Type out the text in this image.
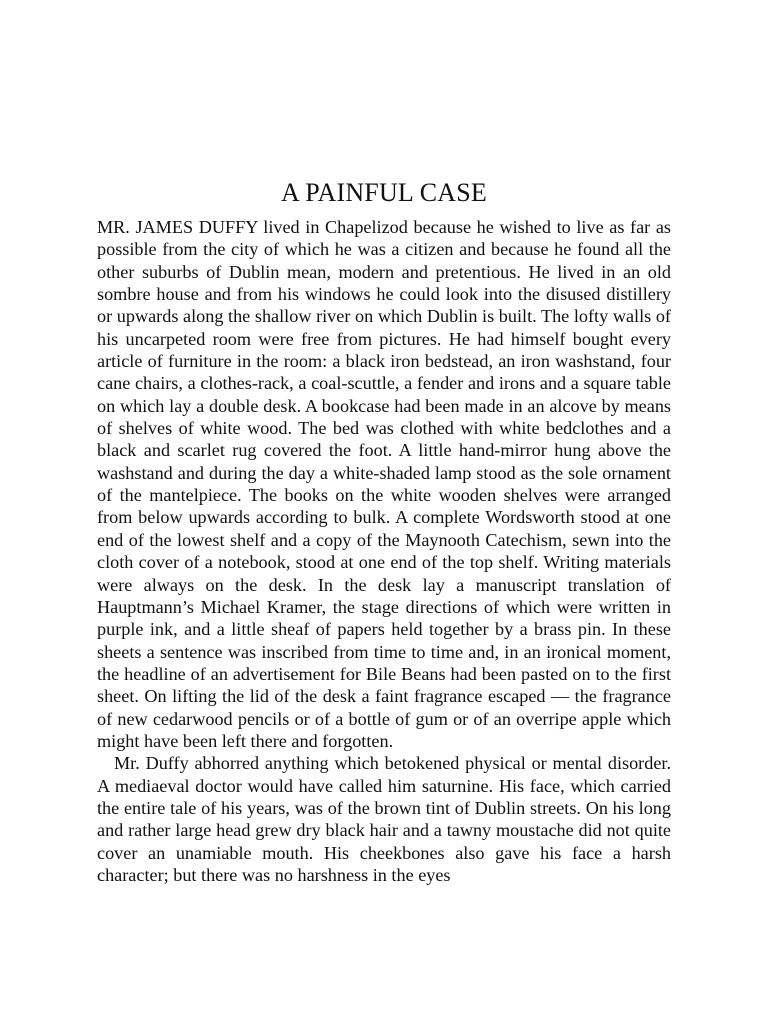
A PAINFUL CASE

MR. JAMES DUFFY lived in Chapelizod because he wished to live as far as possible from the city of which he was a citizen and because he found all the other suburbs of Dublin mean, modern and pretentious. He lived in an old sombre house and from his windows he could look into the disused distillery or upwards along the shallow river on which Dublin is built. The lofty walls of his uncarpeted room were free from pictures. He had himself bought every article of furniture in the room: a black iron bedstead, an iron washstand, four cane chairs, a clothes-rack, a coal-scuttle, a fender and irons and a square table on which lay a double desk. A bookcase had been made in an alcove by means of shelves of white wood. The bed was clothed with white bedclothes and a black and scarlet rug covered the foot. A little hand-mirror hung above the washstand and during the day a white-shaded lamp stood as the sole ornament of the mantelpiece. The books on the white wooden shelves were arranged from below upwards according to bulk. A complete Wordsworth stood at one end of the lowest shelf and a copy of the Maynooth Catechism, sewn into the cloth cover of a notebook, stood at one end of the top shelf. Writing materials were always on the desk. In the desk lay a manuscript translation of Hauptmann’s Michael Kramer, the stage directions of which were written in purple ink, and a little sheaf of papers held together by a brass pin. In these sheets a sentence was inscribed from time to time and, in an ironical moment, the headline of an advertisement for Bile Beans had been pasted on to the first sheet. On lifting the lid of the desk a faint fragrance escaped — the fragrance of new cedarwood pencils or of a bottle of gum or of an overripe apple which might have been left there and forgotten.

Mr. Duffy abhorred anything which betokened physical or mental disorder. A mediaeval doctor would have called him saturnine. His face, which carried the entire tale of his years, was of the brown tint of Dublin streets. On his long and rather large head grew dry black hair and a tawny moustache did not quite cover an unamiable mouth. His cheekbones also gave his face a harsh character; but there was no harshness in the eyes
